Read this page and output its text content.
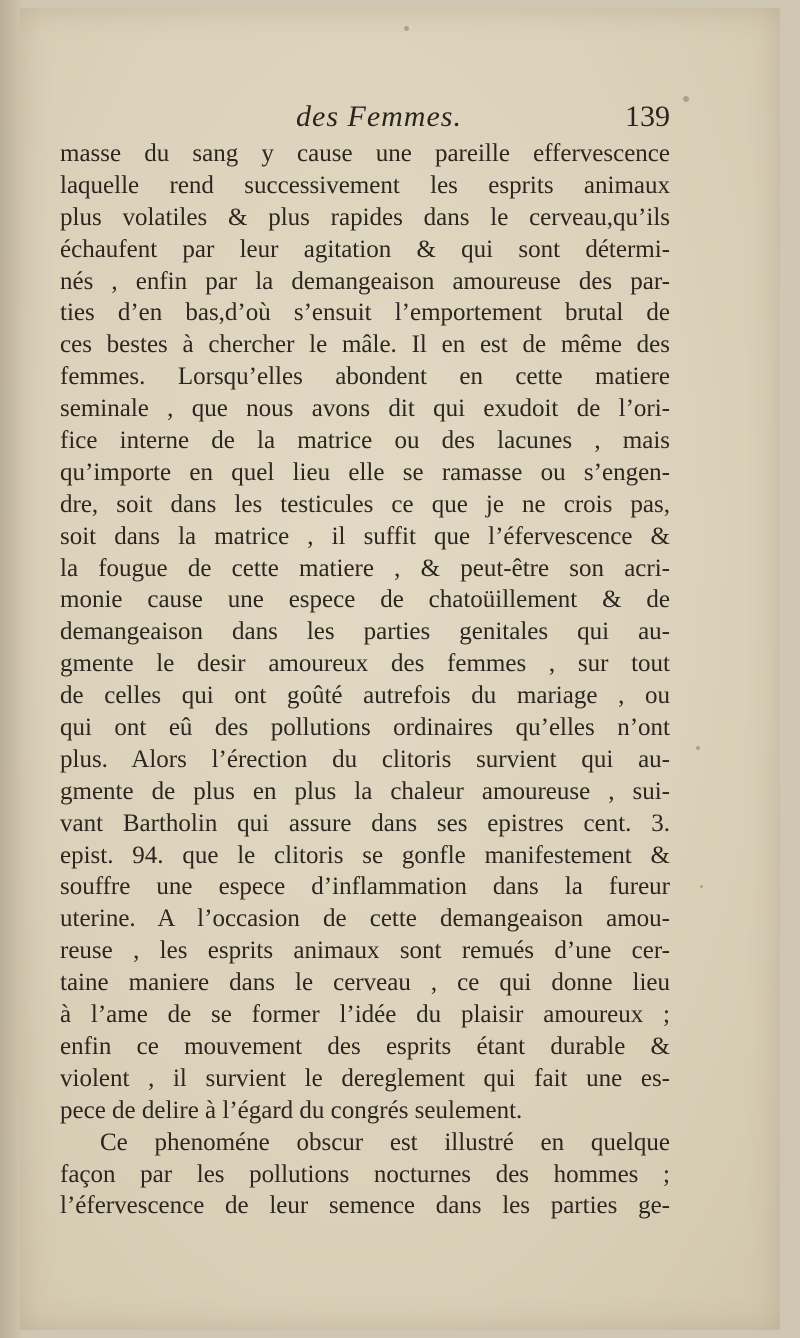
des Femmes.	139
masse du sang y cause une pareille effervescence
laquelle rend successivement les esprits animaux
plus volatiles & plus rapides dans le cerveau,qu’ils
échaufent par leur agitation & qui sont détermi-
nés , enfin par la demangeaison amoureuse des par-
ties d’en bas,d’où s’ensuit l’emportement brutal de
ces bestes à chercher le mâle. Il en est de même des
femmes. Lorsqu’elles abondent en cette matiere
seminale , que nous avons dit qui exudoit de l’ori-
fice interne de la matrice ou des lacunes , mais
qu’importe en quel lieu elle se ramasse ou s’engen-
dre, soit dans les testicules ce que je ne crois pas,
soit dans la matrice , il suffit que l’éfervescence &
la fougue de cette matiere , & peut-être son acri-
monie cause une espece de chatoüillement & de
demangeaison dans les parties genitales qui au-
gmente le desir amoureux des femmes , sur tout
de celles qui ont goûté autrefois du mariage , ou
qui ont eû des pollutions ordinaires qu’elles n’ont
plus. Alors l’érection du clitoris survient qui au-
gmente de plus en plus la chaleur amoureuse , sui-
vant Bartholin qui assure dans ses epistres cent. 3.
epist. 94. que le clitoris se gonfle manifestement &
souffre une espece d’inflammation dans la fureur
uterine. A l’occasion de cette demangeaison amou-
reuse , les esprits animaux sont remués d’une cer-
taine maniere dans le cerveau , ce qui donne lieu
à l’ame de se former l’idée du plaisir amoureux ;
enfin ce mouvement des esprits étant durable &
violent , il survient le dereglement qui fait une es-
pece de delire à l’égard du congrés seulement.
Ce phenoméne obscur est illustré en quelque
façon par les pollutions nocturnes des hommes ;
l’éfervescence de leur semence dans les parties ge-
